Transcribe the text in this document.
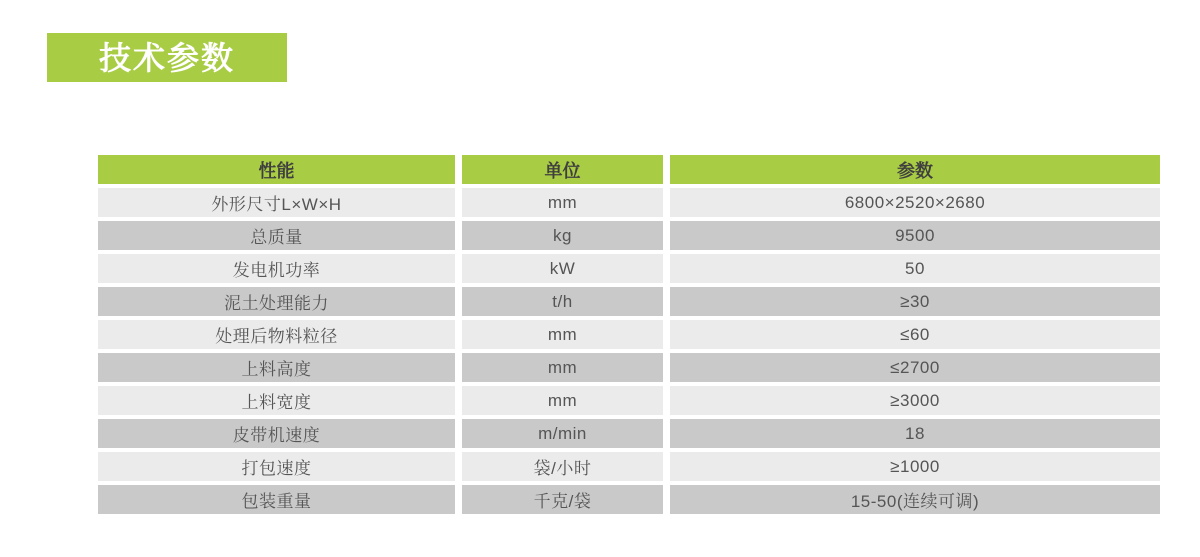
技术参数
性能	单位	参数
外形尺寸L×W×H	mm	6800×2520×2680
总质量	kg	9500
发电机功率	kW	50
泥土处理能力	t/h	≥30
处理后物料粒径	mm	≤60
上料高度	mm	≤2700
上料宽度	mm	≥3000
皮带机速度	m/min	18
打包速度	袋/小时	≥1000
包装重量	千克/袋	15-50(连续可调)
